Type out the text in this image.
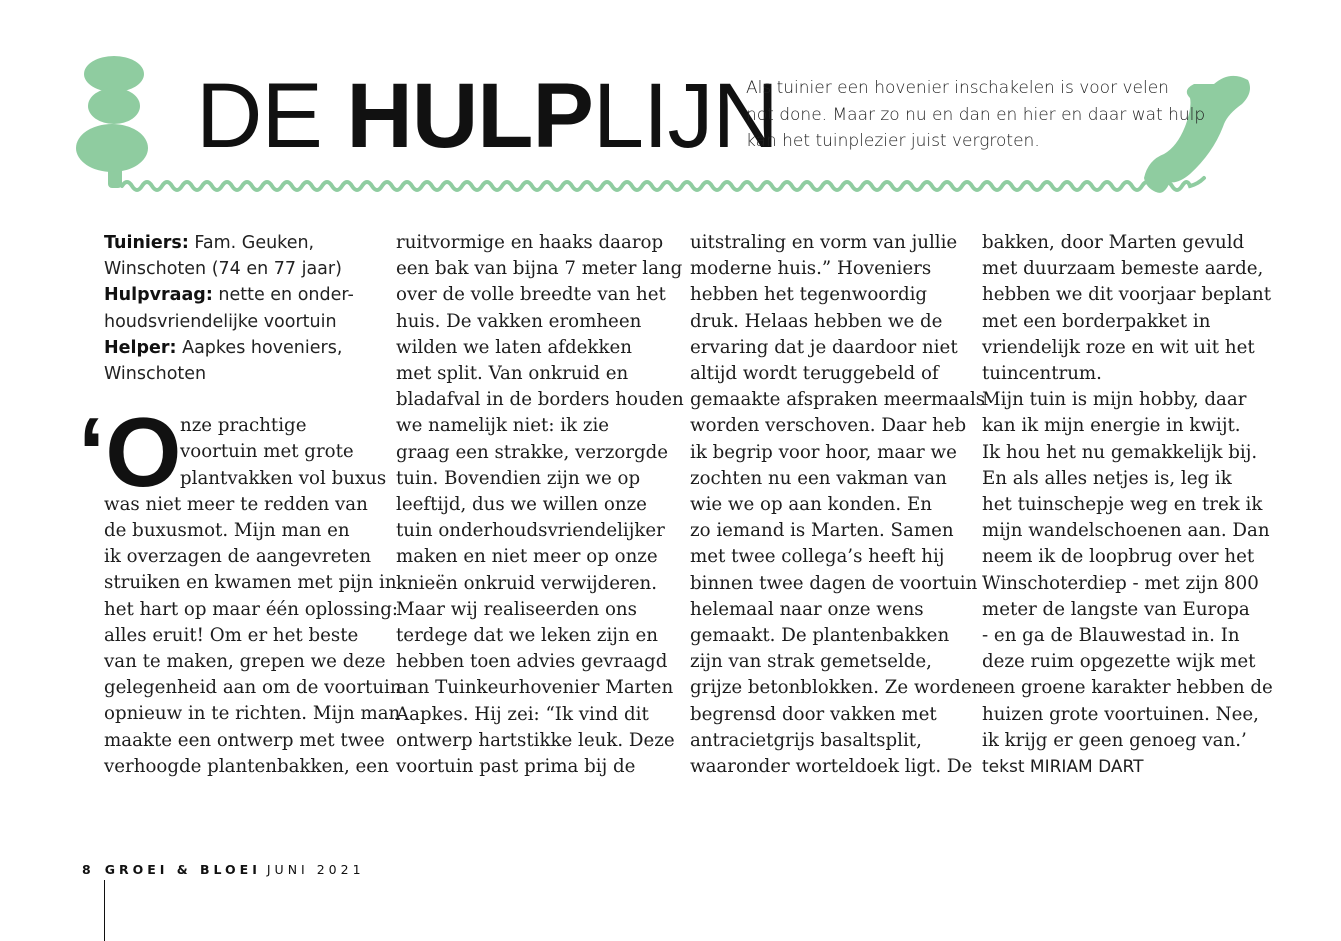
DE HULPLIJN
Als tuinier een hovenier inschakelen is voor velen
not done. Maar zo nu en dan en hier en daar wat hulp
kan het tuinplezier juist vergroten.
Tuiniers: Fam. Geuken,
Winschoten (74 en 77 jaar)
Hulpvraag: nette en onder-
houdsvriendelijke voortuin
Helper: Aapkes hoveniers,
Winschoten
‘O

nze prachtige

voortuin met grote

plantvakken vol buxus

was niet meer te redden van

de buxusmot. Mijn man en

ik overzagen de aangevreten

struiken en kwamen met pijn in

het hart op maar één oplossing:

alles eruit! Om er het beste

van te maken, grepen we deze

gelegenheid aan om de voortuin

opnieuw in te richten. Mijn man

maakte een ontwerp met twee

verhoogde plantenbakken, een

ruitvormige en haaks daarop

een bak van bijna 7 meter lang

over de volle breedte van het

huis. De vakken eromheen

wilden we laten afdekken

met split. Van onkruid en

bladafval in de borders houden

we namelijk niet: ik zie

graag een strakke, verzorgde

tuin. Bovendien zijn we op

leeftijd, dus we willen onze

tuin onderhoudsvriendelijker

maken en niet meer op onze

knieën onkruid verwijderen.

Maar wij realiseerden ons

terdege dat we leken zijn en

hebben toen advies gevraagd

aan Tuinkeurhovenier Marten

Aapkes. Hij zei: “Ik vind dit

ontwerp hartstikke leuk. Deze

voortuin past prima bij de

uitstraling en vorm van jullie

moderne huis.” Hoveniers

hebben het tegenwoordig

druk. Helaas hebben we de

ervaring dat je daardoor niet

altijd wordt teruggebeld of

gemaakte afspraken meermaals

worden verschoven. Daar heb

ik begrip voor hoor, maar we

zochten nu een vakman van

wie we op aan konden. En

zo iemand is Marten. Samen

met twee collega’s heeft hij

binnen twee dagen de voortuin

helemaal naar onze wens

gemaakt. De plantenbakken

zijn van strak gemetselde,

grijze betonblokken. Ze worden

begrensd door vakken met

antracietgrijs basaltsplit,

waaronder worteldoek ligt. De

bakken, door Marten gevuld

met duurzaam bemeste aarde,

hebben we dit voorjaar beplant

met een borderpakket in

vriendelijk roze en wit uit het

tuincentrum.

Mijn tuin is mijn hobby, daar

kan ik mijn energie in kwijt.

Ik hou het nu gemakkelijk bij.

En als alles netjes is, leg ik

het tuinschepje weg en trek ik

mijn wandelschoenen aan. Dan

neem ik de loopbrug over het

Winschoterdiep - met zijn 800

meter de langste van Europa

- en ga de Blauwestad in. In

deze ruim opgezette wijk met

een groene karakter hebben de

huizen grote voortuinen. Nee,

ik krijg er geen genoeg van.’

tekst MIRIAM DART

8 GROEI & BLOEI JUNI 2021
